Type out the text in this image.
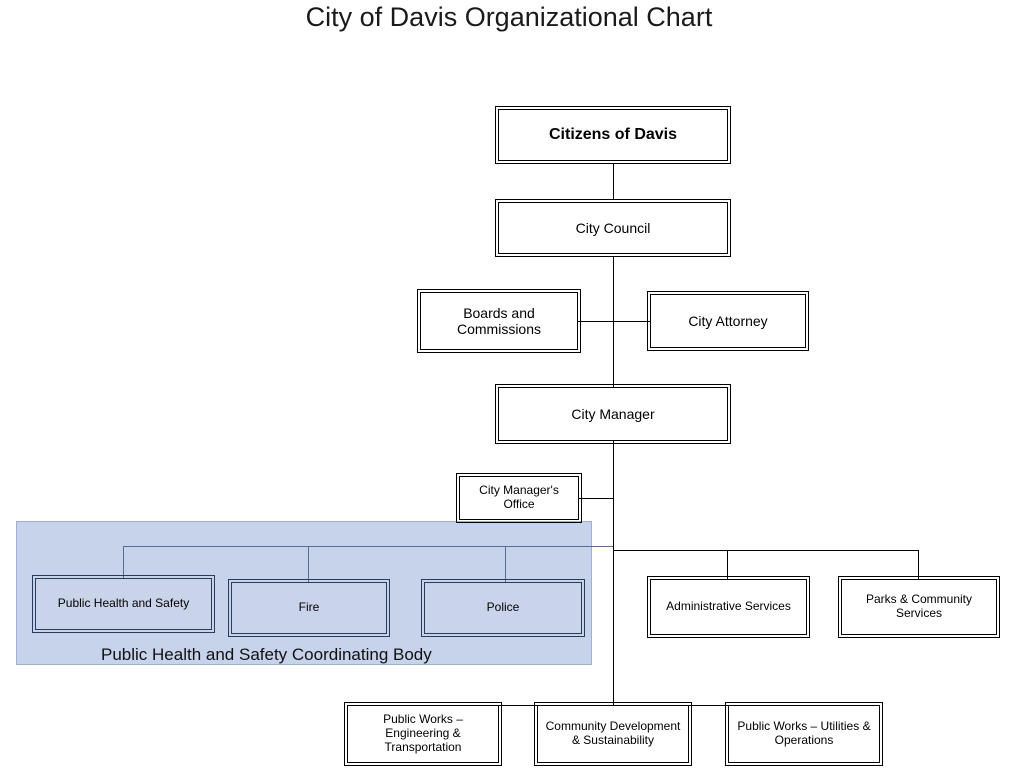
City of Davis Organizational Chart
Public Health and Safety Coordinating Body
Citizens of Davis
City Council
Boards and Commissions
City Attorney
City Manager
City Manager's Office
Public Health and Safety	Fire	Police	Administrative Services	Parks & Community Services
Public Works – Engineering & Transportation
Community Development & Sustainability
Public Works – Utilities & Operations
